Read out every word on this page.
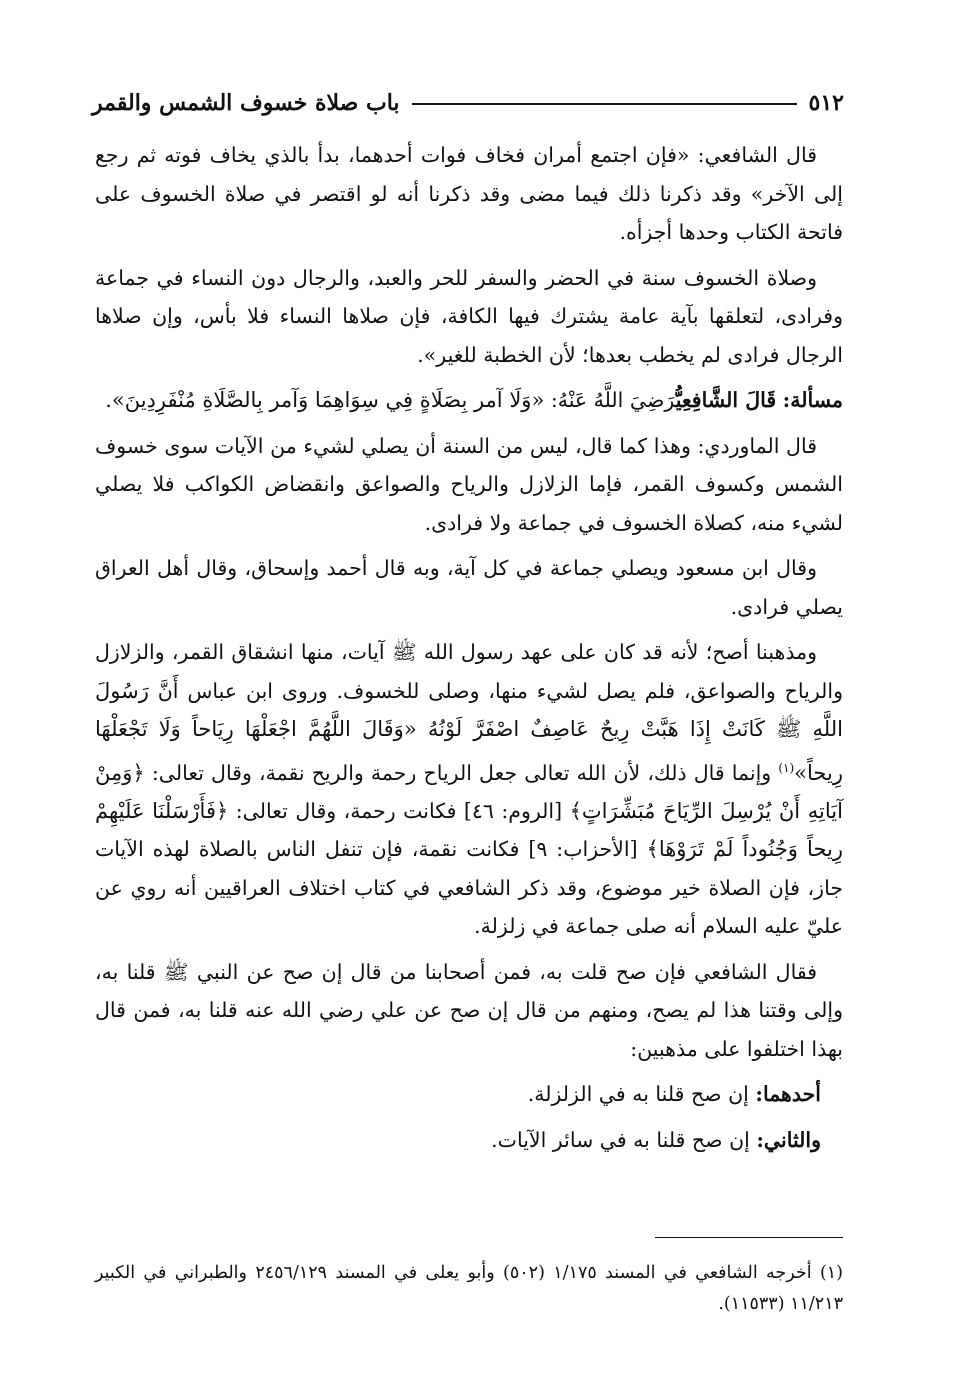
٥١٢
باب صلاة خسوف الشمس والقمر

قال الشافعي: «فإن اجتمع أمران فخاف فوات أحدهما، بدأ بالذي يخاف فوته ثم رجع إلى الآخر» وقد ذكرنا ذلك فيما مضى وقد ذكرنا أنه لو اقتصر في صلاة الخسوف على فاتحة الكتاب وحدها أجزأه.

وصلاة الخسوف سنة في الحضر والسفر للحر والعبد، والرجال دون النساء في جماعة وفرادى، لتعلقها بآية عامة يشترك فيها الكافة، فإن صلاها النساء فلا بأس، وإن صلاها الرجال فرادى لم يخطب بعدها؛ لأن الخطبة للغير».

مسألة: قَالَ الشَّافِعِيُّرَضِيَ اللَّهُ عَنْهُ: «وَلَا آمر بِصَلَاةٍ فِي سِوَاهِمَا وَآمر بِالصَّلَاةِ مُنْفَرِدِينَ».

قال الماوردي: وهذا كما قال، ليس من السنة أن يصلي لشيء من الآيات سوى خسوف الشمس وكسوف القمر، فإما الزلازل والرياح والصواعق وانقضاض الكواكب فلا يصلي لشيء منه، كصلاة الخسوف في جماعة ولا فرادى.

وقال ابن مسعود ويصلي جماعة في كل آية، وبه قال أحمد وإسحاق، وقال أهل العراق يصلي فرادى.

ومذهبنا أصح؛ لأنه قد كان على عهد رسول الله ﷺ آيات، منها انشقاق القمر، والزلازل والرياح والصواعق، فلم يصل لشيء منها، وصلى للخسوف. وروى ابن عباس أَنَّ رَسُولَ اللَّهِ ﷺ كَانَتْ إِذَا هَبَّتْ رِيحٌ عَاصِفٌ اصْفَرَّ لَوْنُهُ «وَقَالَ اللَّهُمَّ اجْعَلْهَا رِيَاحاً وَلَا تَجْعَلْهَا رِيحاً»$^{(١)}$ وإنما قال ذلك، لأن الله تعالى جعل الرياح رحمة والريح نقمة، وقال تعالى: ﴿وَمِنْ آيَاتِهِ أَنْ يُرْسِلَ الرِّيَاحَ مُبَشِّرَاتٍ﴾ [الروم: ٤٦] فكانت رحمة، وقال تعالى: ﴿فَأَرْسَلْنَا عَلَيْهِمْ رِيحاً وَجُنُوداً لَمْ تَرَوْهَا﴾ [الأحزاب: ٩] فكانت نقمة، فإن تنفل الناس بالصلاة لهذه الآيات جاز، فإن الصلاة خير موضوع، وقد ذكر الشافعي في كتاب اختلاف العراقيين أنه روي عن عليّ عليه السلام أنه صلى جماعة في زلزلة.

فقال الشافعي فإن صح قلت به، فمن أصحابنا من قال إن صح عن النبي ﷺ قلنا به، وإلى وقتنا هذا لم يصح، ومنهم من قال إن صح عن علي رضي الله عنه قلنا به، فمن قال بهذا اختلفوا على مذهبين:

أحدهما: إن صح قلنا به في الزلزلة.

والثاني: إن صح قلنا به في سائر الآيات.

(١) أخرجه الشافعي في المسند ١/١٧٥ (٥٠٢) وأبو يعلى في المسند ٢٤٥٦/١٢٩ والطبراني في الكبير ١١/٢١٣ (١١٥٣٣).
